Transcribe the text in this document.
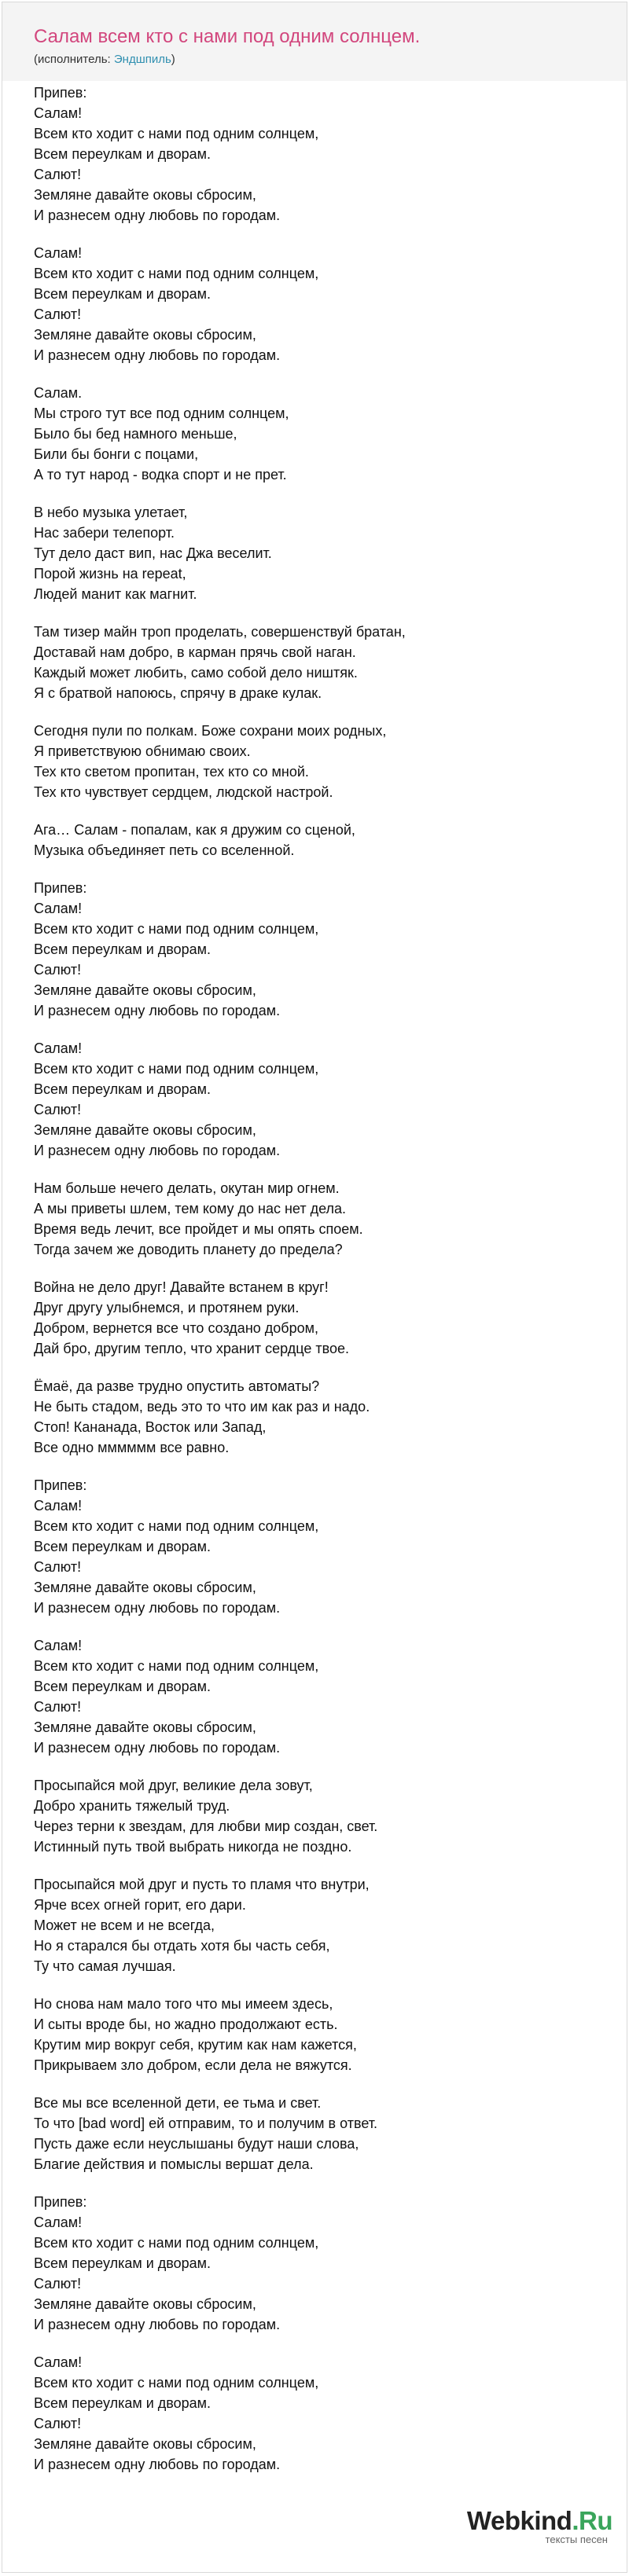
Салам всем кто с нами под одним солнцем.
(исполнитель: Эндшпиль)
Припев:
Салам!
Всем кто ходит с нами под одним солнцем,
Всем переулкам и дворам.
Салют!
Земляне давайте оковы сбросим,
И разнесем одну любовь по городам.
Салам!
Всем кто ходит с нами под одним солнцем,
Всем переулкам и дворам.
Салют!
Земляне давайте оковы сбросим,
И разнесем одну любовь по городам.
Салам.
Мы строго тут все под одним солнцем,
Было бы бед намного меньше,
Били бы бонги с поцами,
А то тут народ - водка спорт и не прет.
В небо музыка улетает,
Нас забери телепорт.
Тут дело даст вип, нас Джа веселит.
Порой жизнь на repeat,
Людей манит как магнит.
Там тизер майн троп проделать, совершенствуй братан,
Доставай нам добро, в карман прячь свой наган.
Каждый может любить, само собой дело ништяк.
Я с братвой напоюсь, спрячу в драке кулак.
Сегодня пули по полкам. Боже сохрани моих родных,
Я приветствуюю обнимаю своих.
Тех кто светом пропитан, тех кто со мной.
Тех кто чувствует сердцем, людской настрой.
Ага… Салам - попалам, как я дружим со сценой,
Музыка объединяет петь со вселенной.
Припев:
Салам!
Всем кто ходит с нами под одним солнцем,
Всем переулкам и дворам.
Салют!
Земляне давайте оковы сбросим,
И разнесем одну любовь по городам.
Салам!
Всем кто ходит с нами под одним солнцем,
Всем переулкам и дворам.
Салют!
Земляне давайте оковы сбросим,
И разнесем одну любовь по городам.
Нам больше нечего делать, окутан мир огнем.
А мы приветы шлем, тем кому до нас нет дела.
Время ведь лечит, все пройдет и мы опять споем.
Тогда зачем же доводить планету до предела?
Война не дело друг! Давайте встанем в круг!
Друг другу улыбнемся, и протянем руки.
Добром, вернется все что создано добром,
Дай бро, другим тепло, что хранит сердце твое.
Ёмаё, да разве трудно опустить автоматы?
Не быть стадом, ведь это то что им как раз и надо.
Стоп! Кананада, Восток или Запад,
Все одно мммммм все равно.
Припев:
Салам!
Всем кто ходит с нами под одним солнцем,
Всем переулкам и дворам.
Салют!
Земляне давайте оковы сбросим,
И разнесем одну любовь по городам.
Салам!
Всем кто ходит с нами под одним солнцем,
Всем переулкам и дворам.
Салют!
Земляне давайте оковы сбросим,
И разнесем одну любовь по городам.
Просыпайся мой друг, великие дела зовут,
Добро хранить тяжелый труд.
Через терни к звездам, для любви мир создан, свет.
Истинный путь твой выбрать никогда не поздно.
Просыпайся мой друг и пусть то пламя что внутри,
Ярче всех огней горит, его дари.
Может не всем и не всегда,
Но я старался бы отдать хотя бы часть себя,
Ту что самая лучшая.
Но снова нам мало того что мы имеем здесь,
И сыты вроде бы, но жадно продолжают есть.
Крутим мир вокруг себя, крутим как нам кажется,
Прикрываем зло добром, если дела не вяжутся.
Все мы все вселенной дети, ее тьма и свет.
То что [bad word] ей отправим, то и получим в ответ.
Пусть даже если неуслышаны будут наши слова,
Благие действия и помыслы вершат дела.
Припев:
Салам!
Всем кто ходит с нами под одним солнцем,
Всем переулкам и дворам.
Салют!
Земляне давайте оковы сбросим,
И разнесем одну любовь по городам.
Салам!
Всем кто ходит с нами под одним солнцем,
Всем переулкам и дворам.
Салют!
Земляне давайте оковы сбросим,
И разнесем одну любовь по городам.
Webkind.Ru
тексты песен
